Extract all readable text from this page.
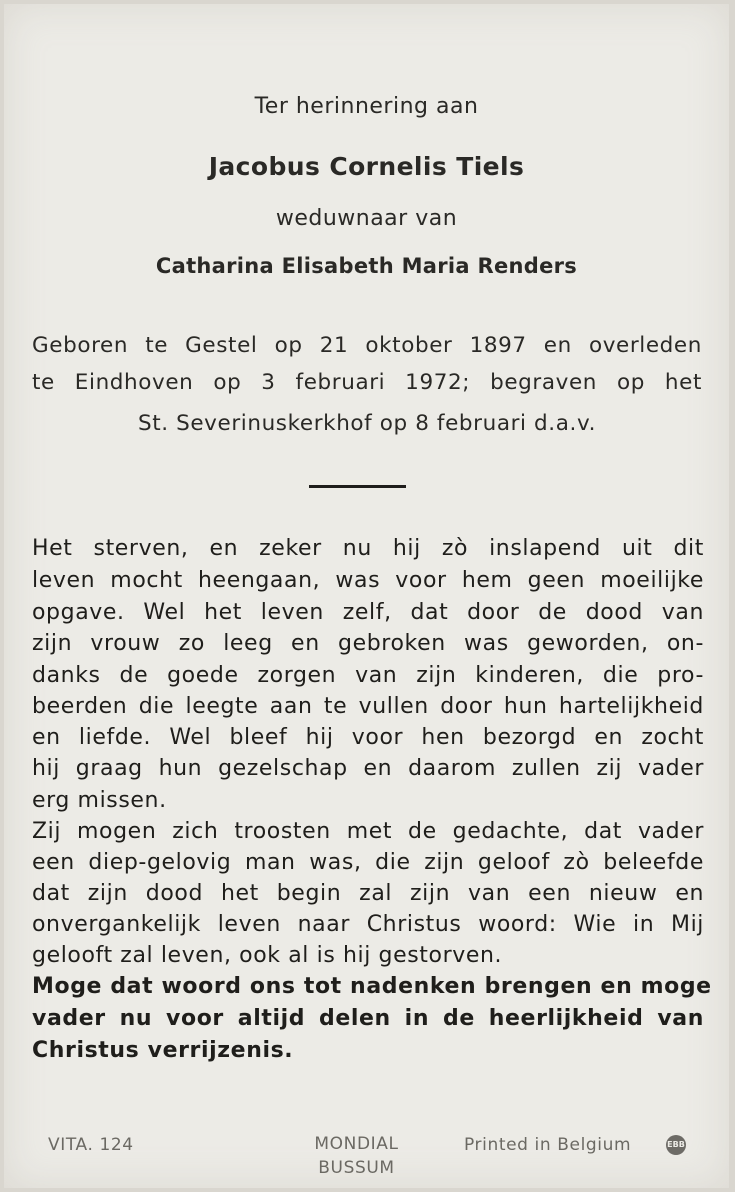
Ter herinnering aan
Jacobus Cornelis Tiels
weduwnaar van
Catharina Elisabeth Maria Renders
Geboren te Gestel op 21 oktober 1897 en overleden
te Eindhoven op 3 februari 1972; begraven op het
St. Severinuskerkhof op 8 februari d.a.v.
Het sterven, en zeker nu hij zò inslapend uit dit
leven mocht heengaan, was voor hem geen moeilijke
opgave. Wel het leven zelf, dat door de dood van
zijn vrouw zo leeg en gebroken was geworden, on-
danks de goede zorgen van zijn kinderen, die pro-
beerden die leegte aan te vullen door hun hartelijkheid
en liefde. Wel bleef hij voor hen bezorgd en zocht
hij graag hun gezelschap en daarom zullen zij vader
erg missen.
Zij mogen zich troosten met de gedachte, dat vader
een diep-gelovig man was, die zijn geloof zò beleefde
dat zijn dood het begin zal zijn van een nieuw en
onvergankelijk leven naar Christus woord: Wie in Mij
gelooft zal leven, ook al is hij gestorven.
Moge dat woord ons tot nadenken brengen en moge
vader nu voor altijd delen in de heerlijkheid van
Christus verrijzenis.
VITA. 124	MONDIAL
BUSSUM
Printed in Belgium	EBB
